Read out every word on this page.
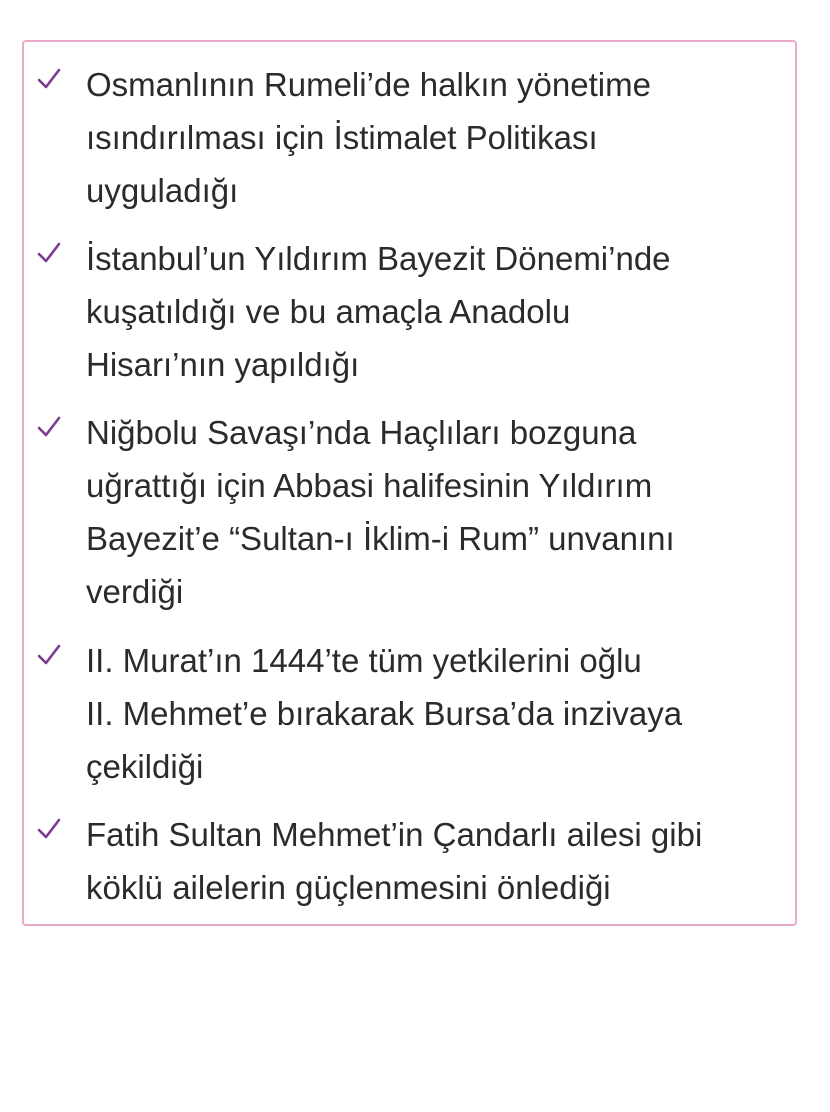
Osmanlının Rumeli’de halkın yönetime
ısındırılması için İstimalet Politikası
uyguladığı
İstanbul’un Yıldırım Bayezit Dönemi’nde
kuşatıldığı ve bu amaçla Anadolu
Hisarı’nın yapıldığı
Niğbolu Savaşı’nda Haçlıları bozguna
uğrattığı için Abbasi halifesinin Yıldırım
Bayezit’e “Sultan-ı İklim-i Rum” unvanını
verdiği
II. Murat’ın 1444’te tüm yetkilerini oğlu
II. Mehmet’e bırakarak Bursa’da inzivaya
çekildiği
Fatih Sultan Mehmet’in Çandarlı ailesi gibi
köklü ailelerin güçlenmesini önlediği
